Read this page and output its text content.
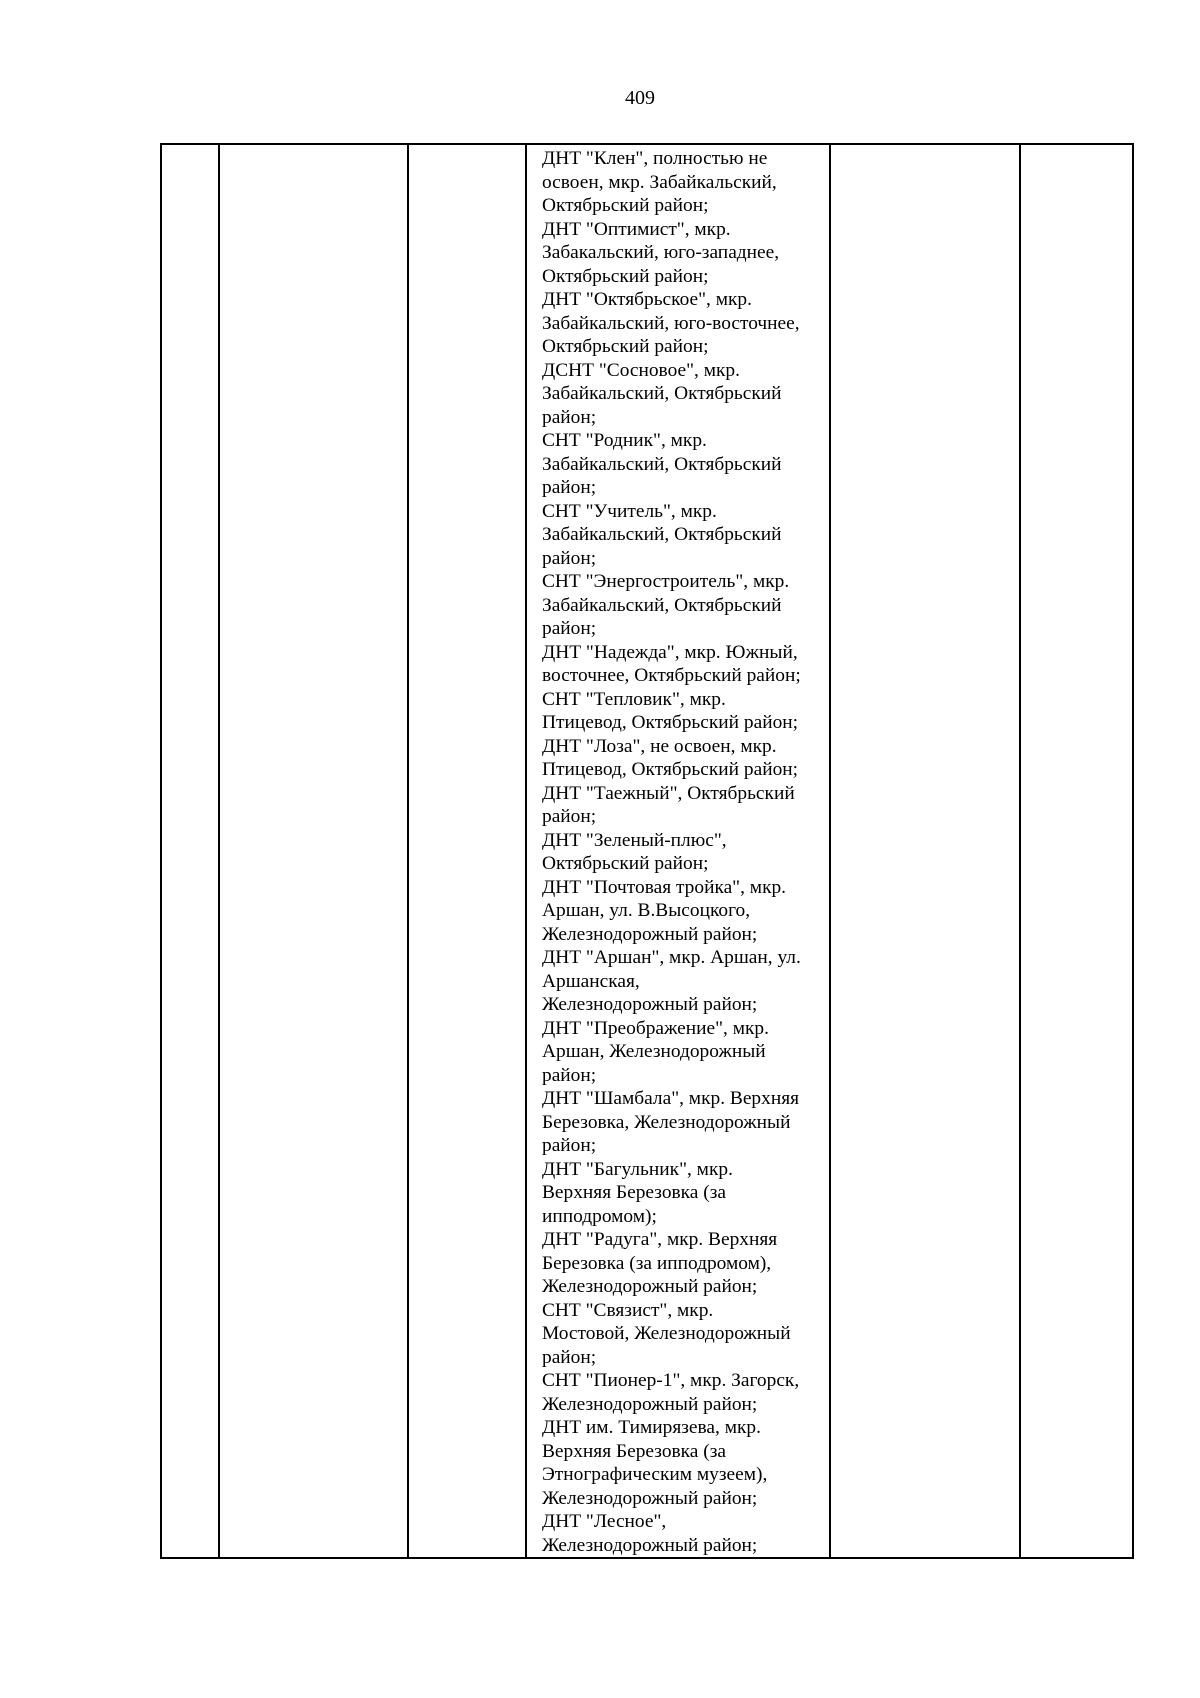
409

ДНТ "Клен", полностью не
освоен, мкр. Забайкальский,
Октябрьский район;
ДНТ "Оптимист", мкр.
Забакальский, юго-западнее,
Октябрьский район;
ДНТ "Октябрьское", мкр.
Забайкальский, юго-восточнее,
Октябрьский район;
ДСНТ "Сосновое", мкр.
Забайкальский, Октябрьский
район;
СНТ "Родник", мкр.
Забайкальский, Октябрьский
район;
СНТ "Учитель", мкр.
Забайкальский, Октябрьский
район;
СНТ "Энергостроитель", мкр.
Забайкальский, Октябрьский
район;
ДНТ "Надежда", мкр. Южный,
восточнее, Октябрьский район;
СНТ "Тепловик", мкр.
Птицевод, Октябрьский район;
ДНТ "Лоза", не освоен, мкр.
Птицевод, Октябрьский район;
ДНТ "Таежный", Октябрьский
район;
ДНТ "Зеленый-плюс",
Октябрьский район;
ДНТ "Почтовая тройка", мкр.
Аршан, ул. В.Высоцкого,
Железнодорожный район;
ДНТ "Аршан", мкр. Аршан, ул.
Аршанская,
Железнодорожный район;
ДНТ "Преображение", мкр.
Аршан, Железнодорожный
район;
ДНТ "Шамбала", мкр. Верхняя
Березовка, Железнодорожный
район;
ДНТ "Багульник", мкр.
Верхняя Березовка (за
ипподромом);
ДНТ "Радуга", мкр. Верхняя
Березовка (за ипподромом),
Железнодорожный район;
СНТ "Связист", мкр.
Мостовой, Железнодорожный
район;
СНТ "Пионер-1", мкр. Загорск,
Железнодорожный район;
ДНТ им. Тимирязева, мкр.
Верхняя Березовка (за
Этнографическим музеем),
Железнодорожный район;
ДНТ "Лесное",
Железнодорожный район;
